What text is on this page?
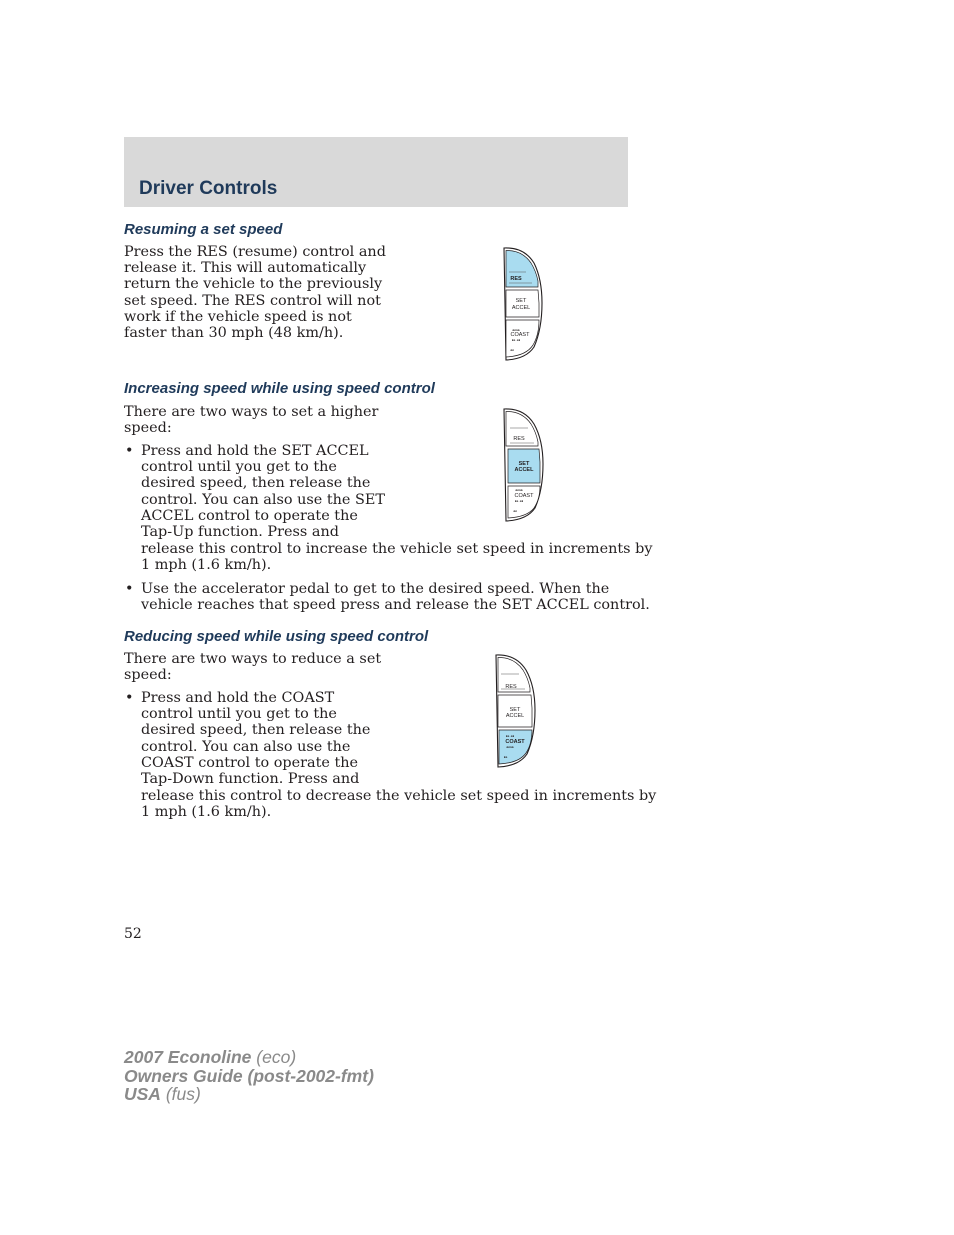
Driver Controls
Resuming a set speed

Press the RES (resume) control and

release it. This will automatically

return the vehicle to the previously

set speed. The RES control will not

work if the vehicle speed is not

faster than 30 mph (48 km/h).

RES
SET
ACCEL
COAST
◂◂ ▸▸
▸▸ ◂◂
◂◂
Increasing speed while using speed control

There are two ways to set a higher

speed:

• Press and hold the SET ACCEL

control until you get to the

desired speed, then release the

control. You can also use the SET

ACCEL control to operate the

Tap-Up function. Press and

release this control to increase the vehicle set speed in increments by

1 mph (1.6 km/h).

• Use the accelerator pedal to get to the desired speed. When the

vehicle reaches that speed press and release the SET ACCEL control.

RES
SET
ACCEL
COAST
◂◂ ▸▸
▸▸ ◂◂
◂◂
Reducing speed while using speed control

There are two ways to reduce a set

speed:

• Press and hold the COAST

control until you get to the

desired speed, then release the

control. You can also use the

COAST control to operate the

Tap-Down function. Press and

release this control to decrease the vehicle set speed in increments by

1 mph (1.6 km/h).

RES
SET
ACCEL
COAST
▸▸ ◂◂
◂◂ ▸▸
▸▸

52

2007 Econoline (eco)
Owners Guide (post-2002-fmt)
USA (fus)
